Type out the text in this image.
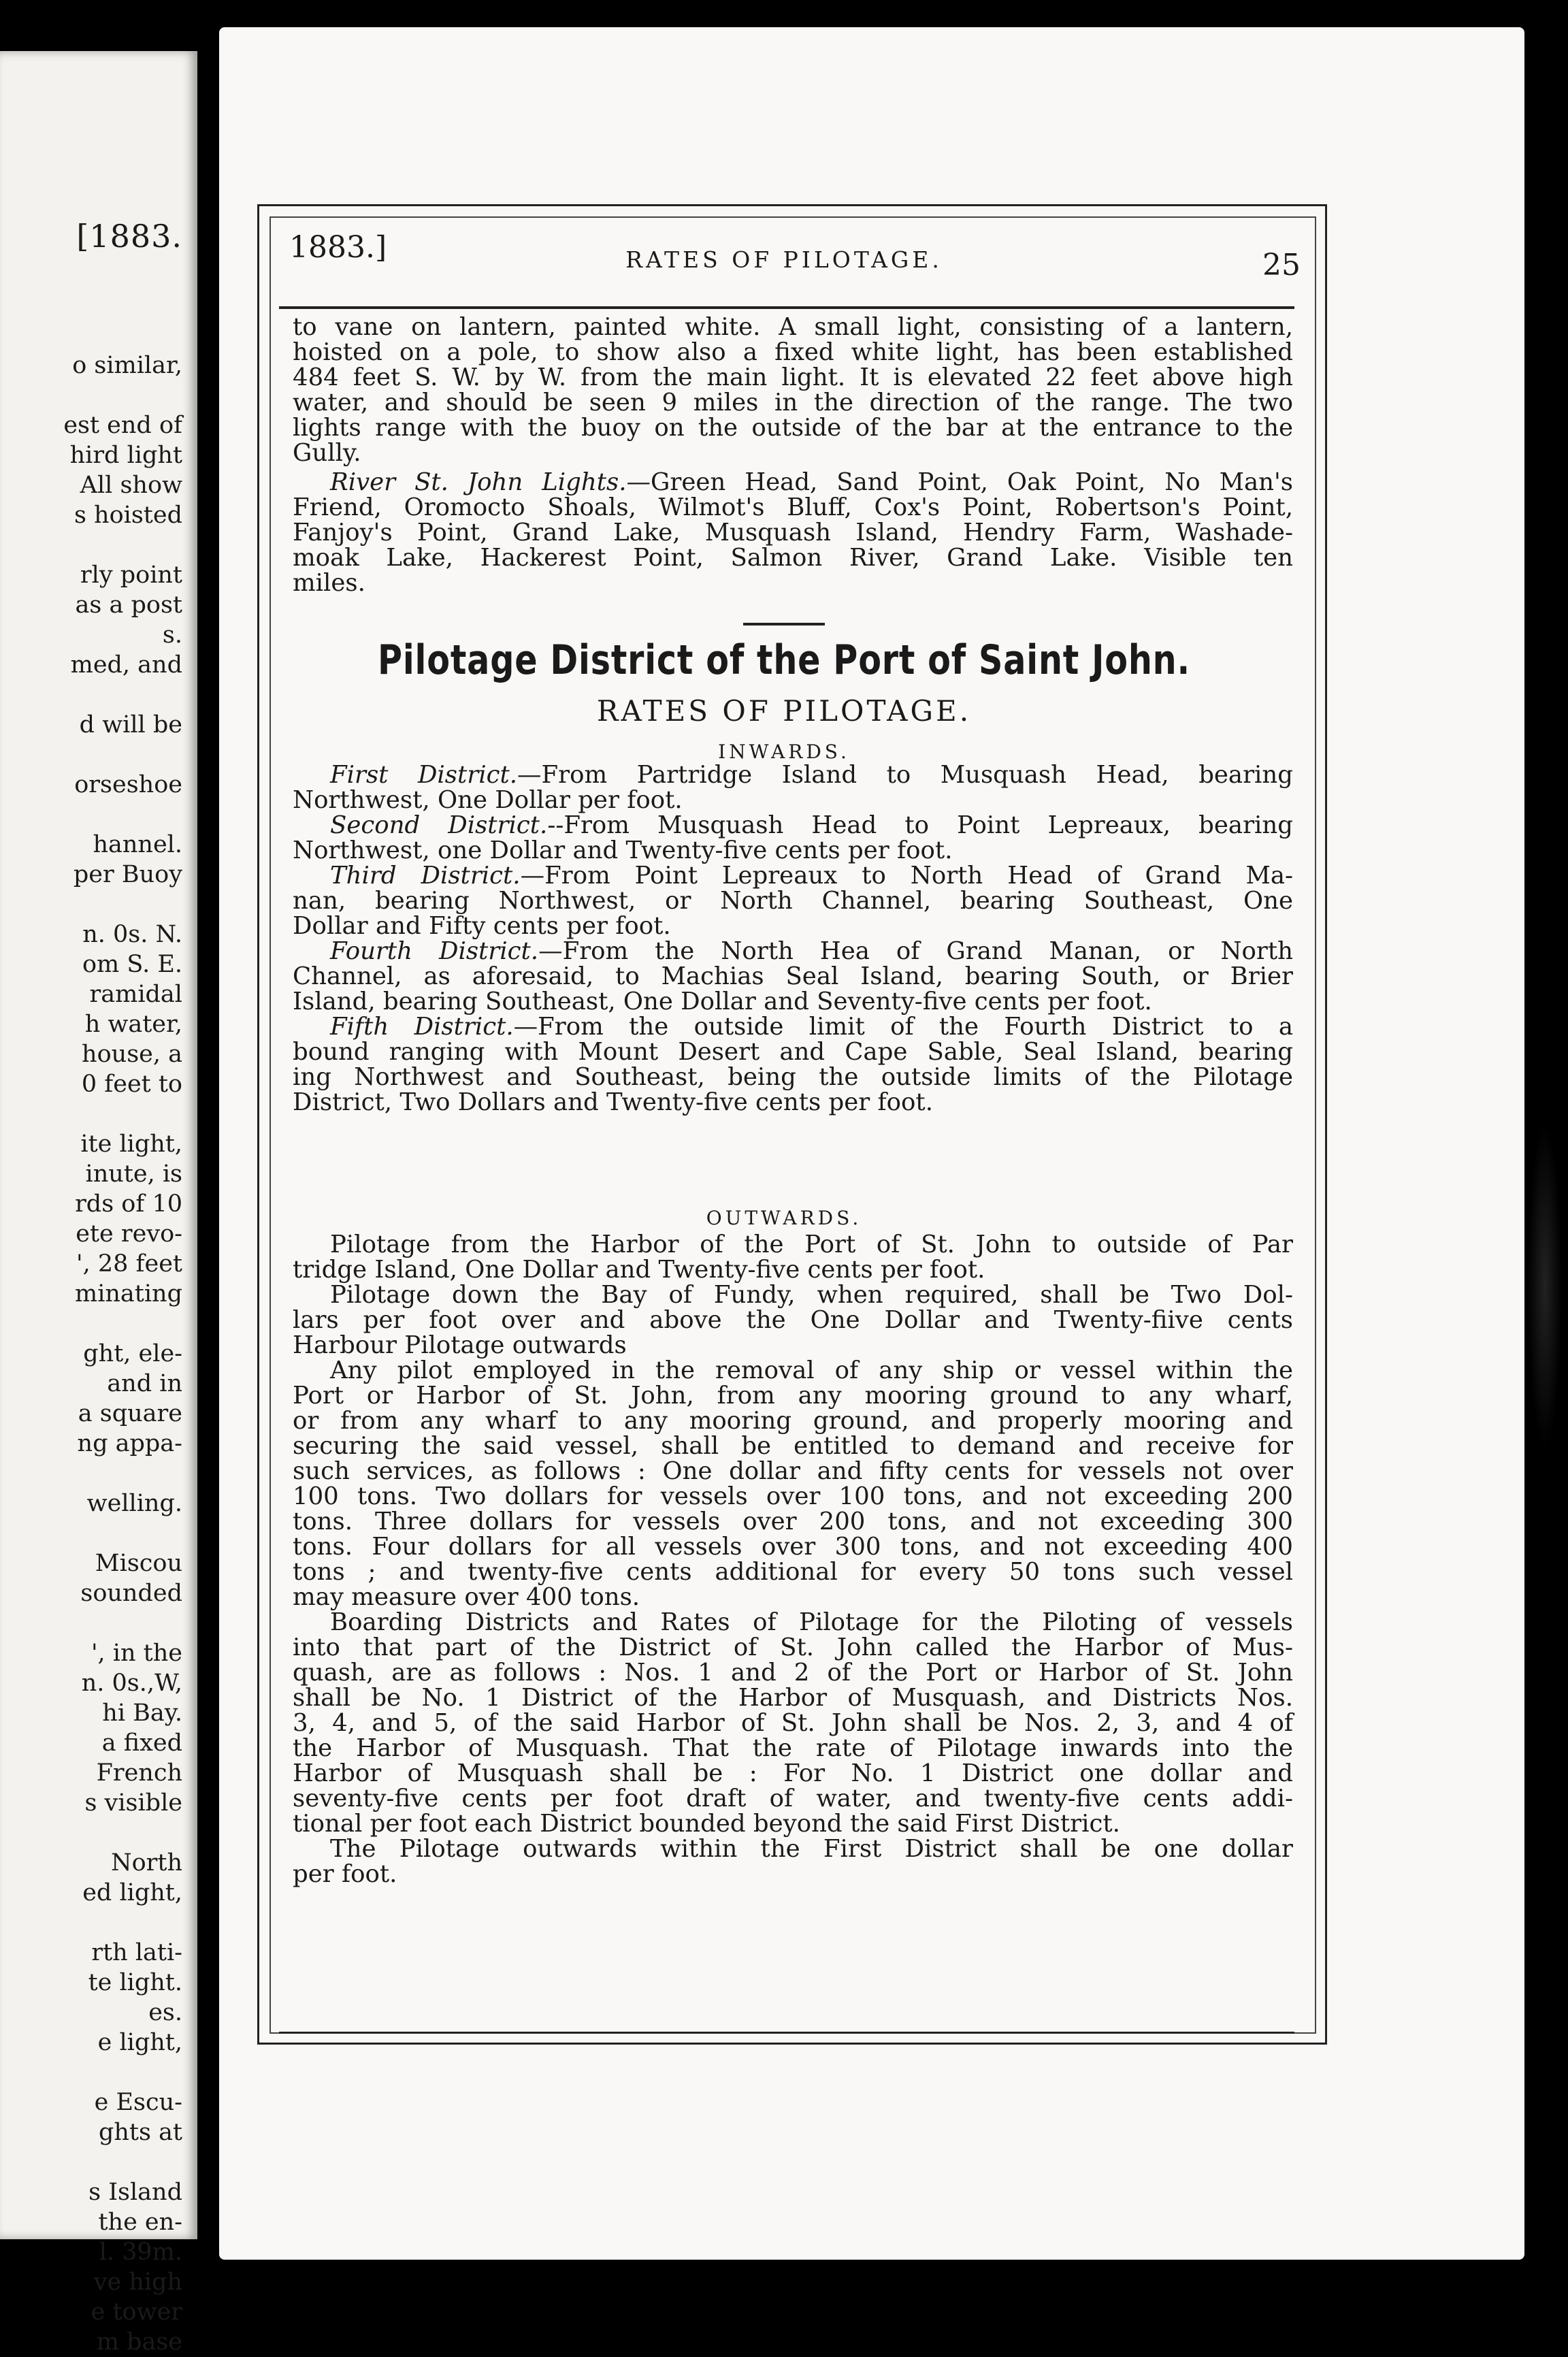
[1883.
o similar,
est end of
hird light
All show
s hoisted
rly point
as a post
s.
med, and
d will be
orseshoe
hannel.
per Buoy
n. 0s. N.
om S. E.
ramidal
h water,
house, a
0 feet to
ite light,
inute, is
rds of 10
ete revo-
', 28 feet
minating
ght, ele-
and in
a square
ng appa-
welling.
Miscou
sounded
', in the
n. 0s.,W,
hi Bay.
a fixed
French
s visible
North
ed light,
rth lati-
te light.
es.
e light,
e Escu-
ghts at
s Island
the en-
l. 39m.
ve high
e tower
m base
1883.]	RATES OF PILOTAGE.	25
to vane on lantern, painted white. A small light, consisting of a lantern,
hoisted on a pole, to show also a fixed white light, has been established
484 feet S. W. by W. from the main light. It is elevated 22 feet above high
water, and should be seen 9 miles in the direction of the range. The two
lights range with the buoy on the outside of the bar at the entrance to the
Gully.
River St. John Lights.—Green Head, Sand Point, Oak Point, No Man's
Friend, Oromocto Shoals, Wilmot's Bluff, Cox's Point, Robertson's Point,
Fanjoy's Point, Grand Lake, Musquash Island, Hendry Farm, Washade-
moak Lake, Hackerest Point, Salmon River, Grand Lake. Visible ten
miles.
Pilotage District of the Port of Saint John.
RATES OF PILOTAGE.
INWARDS.
First District.—From Partridge Island to Musquash Head, bearing
Northwest, One Dollar per foot.
Second District.--From Musquash Head to Point Lepreaux, bearing
Northwest, one Dollar and Twenty-five cents per foot.
Third District.—From Point Lepreaux to North Head of Grand Ma-
nan, bearing Northwest, or North Channel, bearing Southeast, One
Dollar and Fifty cents per foot.
Fourth District.—From the North Hea of Grand Manan, or North
Channel, as aforesaid, to Machias Seal Island, bearing South, or Brier
Island, bearing Southeast, One Dollar and Seventy-five cents per foot.
Fifth District.—From the outside limit of the Fourth District to a
bound ranging with Mount Desert and Cape Sable, Seal Island, bearing
ing Northwest and Southeast, being the outside limits of the Pilotage
District, Two Dollars and Twenty-five cents per foot.
OUTWARDS.
Pilotage from the Harbor of the Port of St. John to outside of Par
tridge Island, One Dollar and Twenty-five cents per foot.
Pilotage down the Bay of Fundy, when required, shall be Two Dol-
lars per foot over and above the One Dollar and Twenty-fiive cents
Harbour Pilotage outwards
Any pilot employed in the removal of any ship or vessel within the
Port or Harbor of St. John, from any mooring ground to any wharf,
or from any wharf to any mooring ground, and properly mooring and
securing the said vessel, shall be entitled to demand and receive for
such services, as follows : One dollar and fifty cents for vessels not over
100 tons. Two dollars for vessels over 100 tons, and not exceeding 200
tons. Three dollars for vessels over 200 tons, and not exceeding 300
tons. Four dollars for all vessels over 300 tons, and not exceeding 400
tons ; and twenty-five cents additional for every 50 tons such vessel
may measure over 400 tons.
Boarding Districts and Rates of Pilotage for the Piloting of vessels
into that part of the District of St. John called the Harbor of Mus-
quash, are as follows : Nos. 1 and 2 of the Port or Harbor of St. John
shall be No. 1 District of the Harbor of Musquash, and Districts Nos.
3, 4, and 5, of the said Harbor of St. John shall be Nos. 2, 3, and 4 of
the Harbor of Musquash. That the rate of Pilotage inwards into the
Harbor of Musquash shall be : For No. 1 District one dollar and
seventy-five cents per foot draft of water, and twenty-five cents addi-
tional per foot each District bounded beyond the said First District.
The Pilotage outwards within the First District shall be one dollar
per foot.
